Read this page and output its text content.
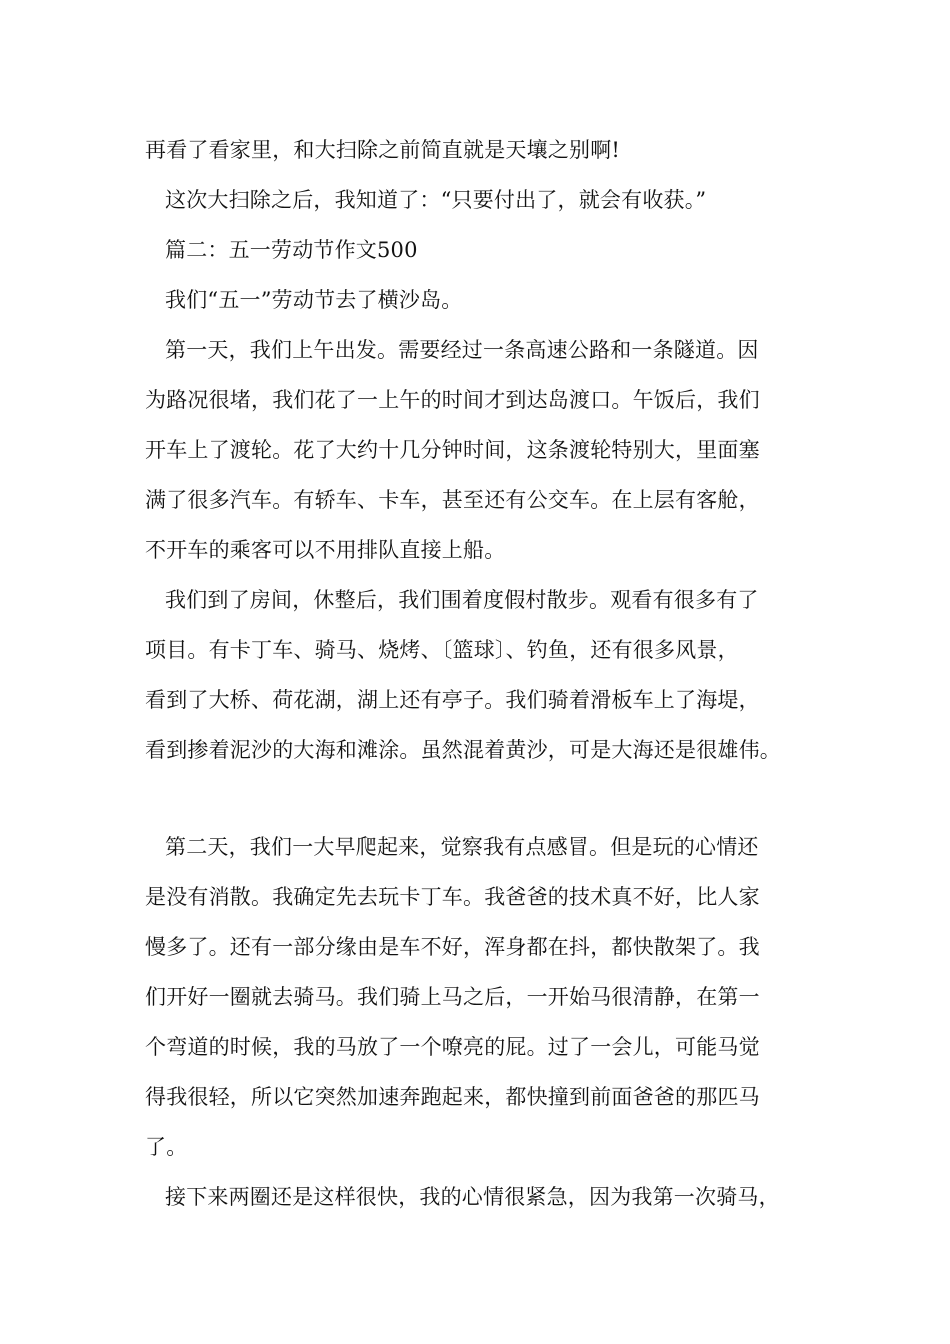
再看了看家里，和大扫除之前简直就是天壤之别啊!
这次大扫除之后，我知道了：“只要付出了，就会有收获。”
篇二：五一劳动节作文500
我们“五一”劳动节去了横沙岛。
第一天，我们上午出发。需要经过一条高速公路和一条隧道。因
为路况很堵，我们花了一上午的时间才到达岛渡口。午饭后，我们
开车上了渡轮。花了大约十几分钟时间，这条渡轮特别大，里面塞
满了很多汽车。有轿车、卡车，甚至还有公交车。在上层有客舱，
不开车的乘客可以不用排队直接上船。
我们到了房间，休整后，我们围着度假村散步。观看有很多有了
项目。有卡丁车、骑马、烧烤、〔篮球〕、钓鱼，还有很多风景，
看到了大桥、荷花湖，湖上还有亭子。我们骑着滑板车上了海堤，
看到掺着泥沙的大海和滩涂。虽然混着黄沙，可是大海还是很雄伟。
第二天，我们一大早爬起来，觉察我有点感冒。但是玩的心情还
是没有消散。我确定先去玩卡丁车。我爸爸的技术真不好，比人家
慢多了。还有一部分缘由是车不好，浑身都在抖，都快散架了。我
们开好一圈就去骑马。我们骑上马之后，一开始马很清静，在第一
个弯道的时候，我的马放了一个嘹亮的屁。过了一会儿，可能马觉
得我很轻，所以它突然加速奔跑起来，都快撞到前面爸爸的那匹马
了。
接下来两圈还是这样很快，我的心情很紧急，因为我第一次骑马，
